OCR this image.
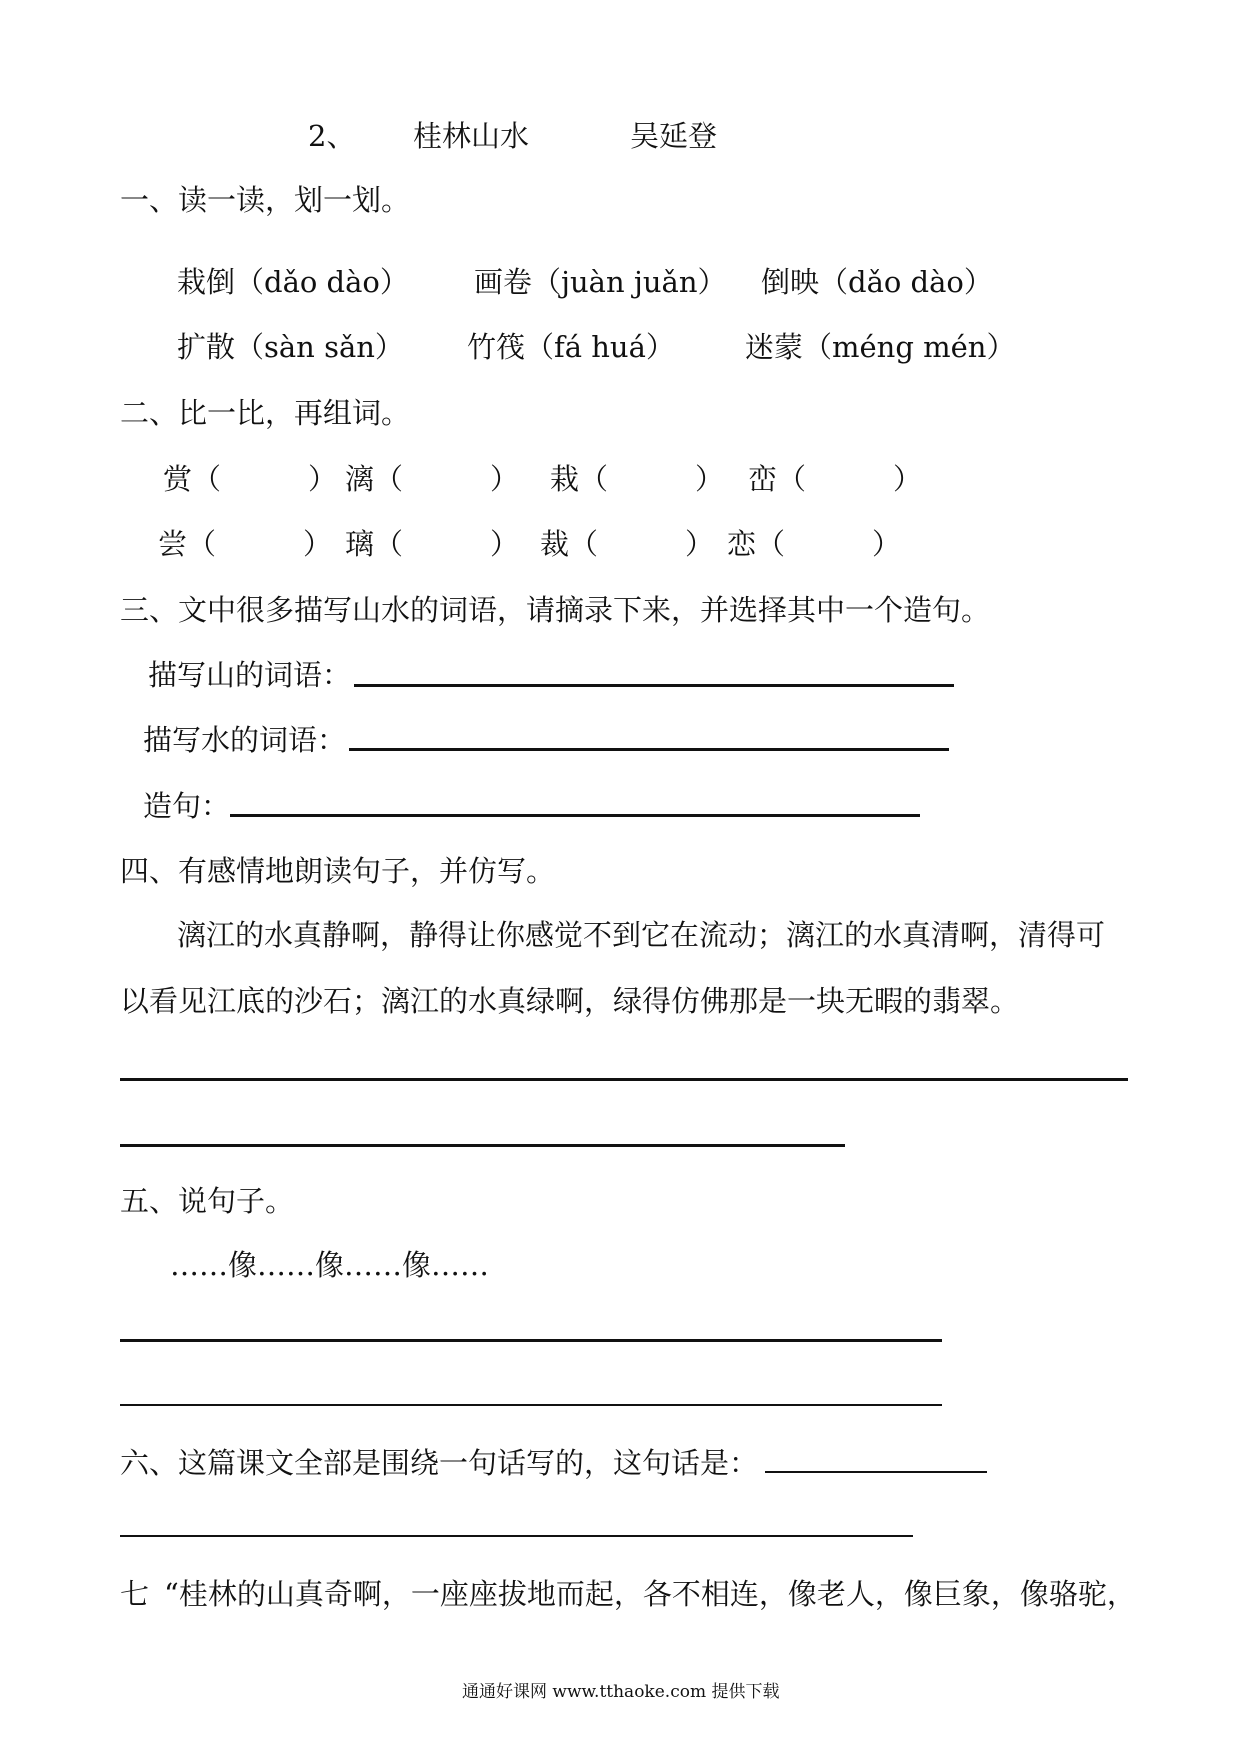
2、 桂林山水	吴延登
一、读一读，划一划。
栽倒（dǎo dào） 画卷（juàn juǎn） 倒映（dǎo dào）
扩散（sàn sǎn） 竹筏（fá huá） 迷蒙（méng mén）
二、比一比，再组词。
赏（　　　） 漓（　　　） 栽（　　　） 峦（　　　）
尝（　　　） 璃（　　　） 裁（　　　） 恋（　　　）
三、文中很多描写山水的词语，请摘录下来，并选择其中一个造句。
描写山的词语：
描写水的词语：
造句：
四、有感情地朗读句子，并仿写。
漓江的水真静啊，静得让你感觉不到它在流动；漓江的水真清啊，清得可
以看见江底的沙石；漓江的水真绿啊，绿得仿佛那是一块无暇的翡翠。
五、说句子。
……像……像……像……
六、这篇课文全部是围绕一句话写的，这句话是：
七 “桂林的山真奇啊，一座座拔地而起，各不相连，像老人，像巨象，像骆驼，
通通好课网 www.tthaoke.com 提供下载
